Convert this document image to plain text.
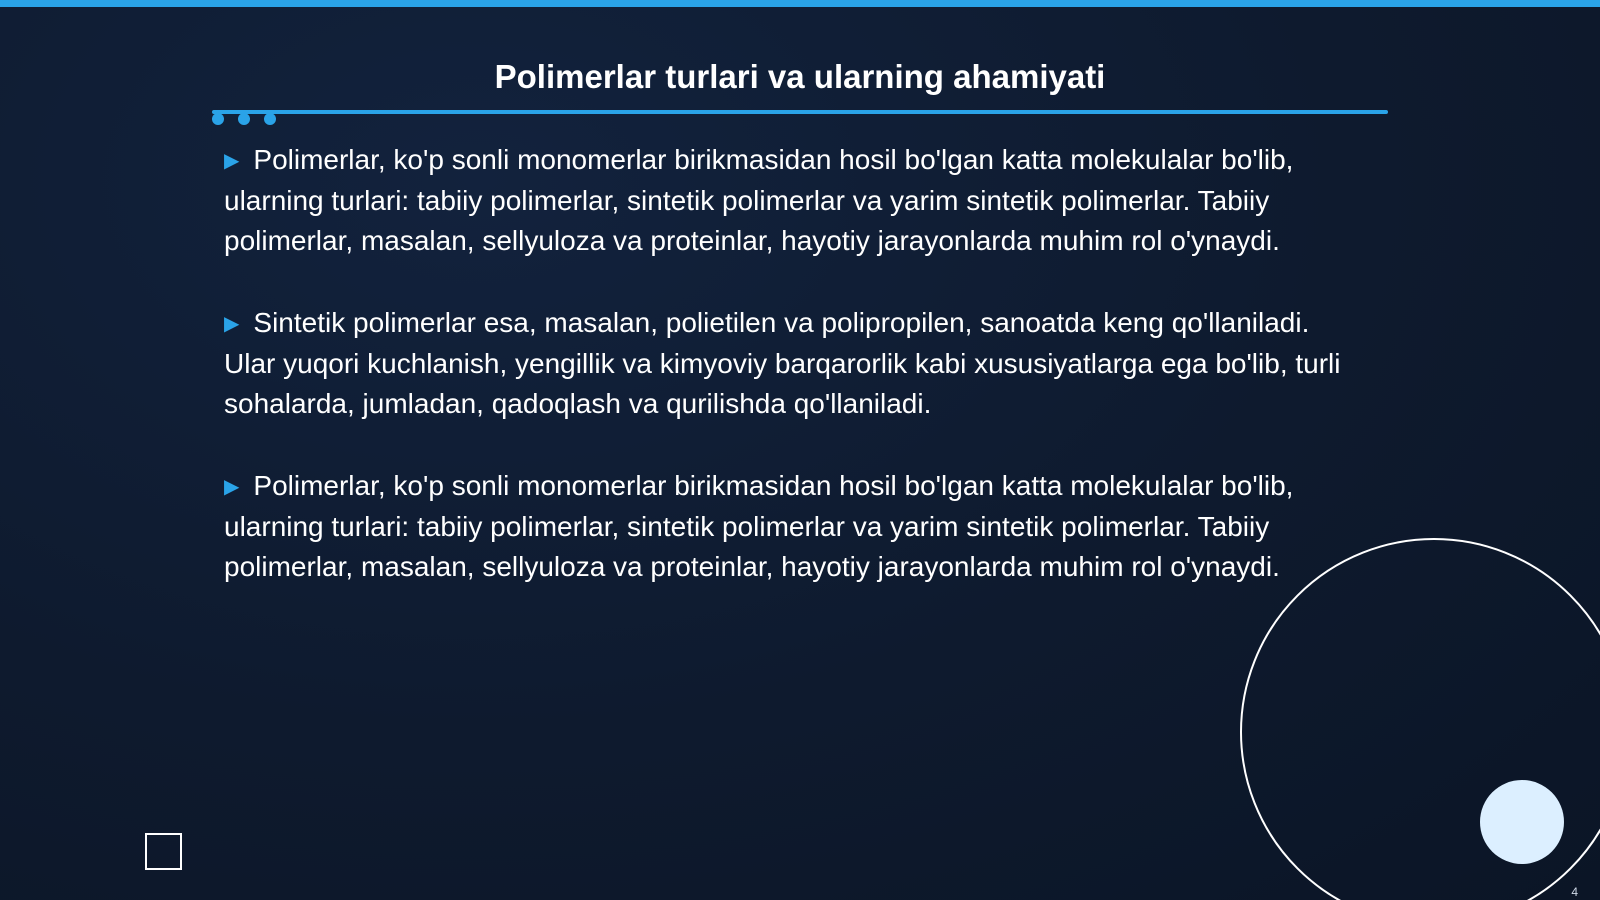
Polimerlar turlari va ularning ahamiyati

▶ Polimerlar, ko'p sonli monomerlar birikmasidan hosil bo'lgan katta molekulalar bo'lib, ularning turlari: tabiiy polimerlar, sintetik polimerlar va yarim sintetik polimerlar. Tabiiy polimerlar, masalan, sellyuloza va proteinlar, hayotiy jarayonlarda muhim rol o'ynaydi.

▶ Sintetik polimerlar esa, masalan, polietilen va polipropilen, sanoatda keng qo'llaniladi. Ular yuqori kuchlanish, yengillik va kimyoviy barqarorlik kabi xususiyatlarga ega bo'lib, turli sohalarda, jumladan, qadoqlash va qurilishda qo'llaniladi.

▶ Polimerlar, ko'p sonli monomerlar birikmasidan hosil bo'lgan katta molekulalar bo'lib, ularning turlari: tabiiy polimerlar, sintetik polimerlar va yarim sintetik polimerlar. Tabiiy polimerlar, masalan, sellyuloza va proteinlar, hayotiy jarayonlarda muhim rol o'ynaydi.

4
